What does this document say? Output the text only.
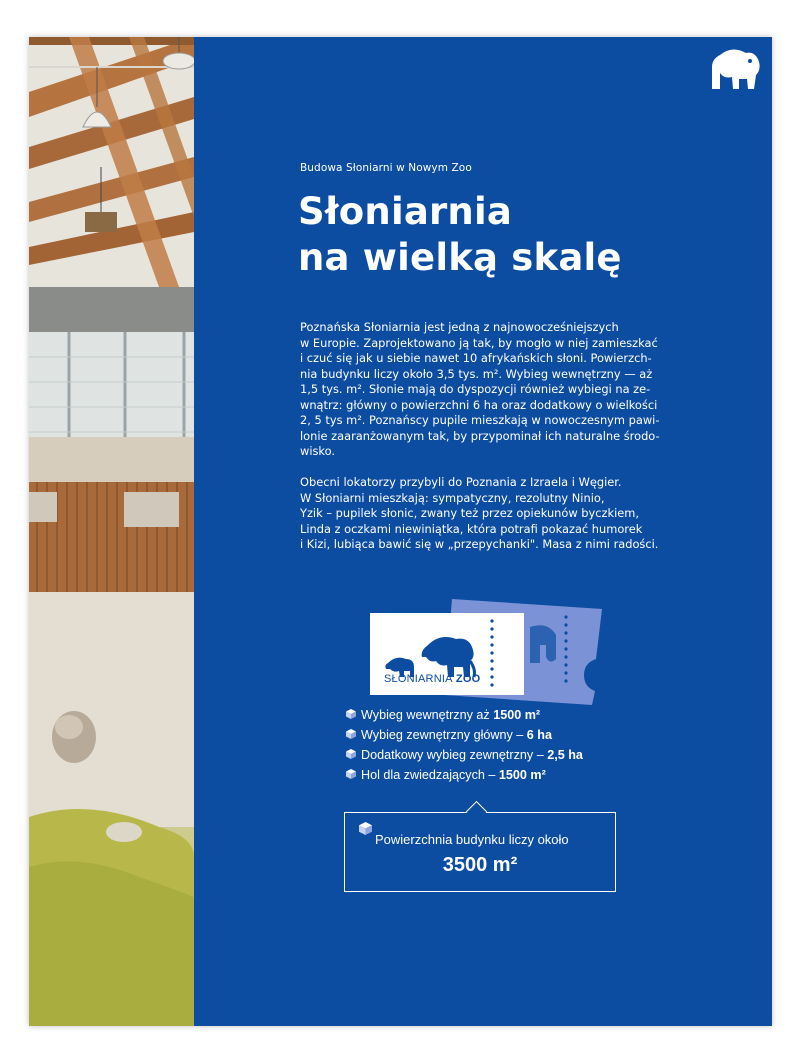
Budowa Słoniarni w Nowym Zoo
Słoniarnia
na wielką skalę

Poznańska Słoniarnia jest jedną z najnowocześniejszych
w Europie. Zaprojektowano ją tak, by mogło w niej zamieszkać
i czuć się jak u siebie nawet 10 afrykańskich słoni. Powierzch-
nia budynku liczy około 3,5 tys. m². Wybieg wewnętrzny — aż
1,5 tys. m². Słonie mają do dyspozycji również wybiegi na ze-
wnątrz: główny o powierzchni 6 ha oraz dodatkowy o wielkości
2, 5 tys m². Poznańscy pupile mieszkają w nowoczesnym pawi-
lonie zaaranżowanym tak, by przypominał ich naturalne środo-
wisko.

Obecni lokatorzy przybyli do Poznania z Izraela i Węgier.
W Słoniarni mieszkają: sympatyczny, rezolutny Ninio,
Yzik – pupilek słonic, zwany też przez opiekunów byczkiem,
Linda z oczkami niewiniątka, która potrafi pokazać humorek
i Kizi, lubiąca bawić się w „przepychanki". Masa z nimi radości.

SŁONIARNIA ZOO
Wybieg wewnętrzny aż 1500 m²
Wybieg zewnętrzny główny – 6 ha
Dodatkowy wybieg zewnętrzny – 2,5 ha
Hol dla zwiedzających – 1500 m²
Powierzchnia budynku liczy około
3500 m²
